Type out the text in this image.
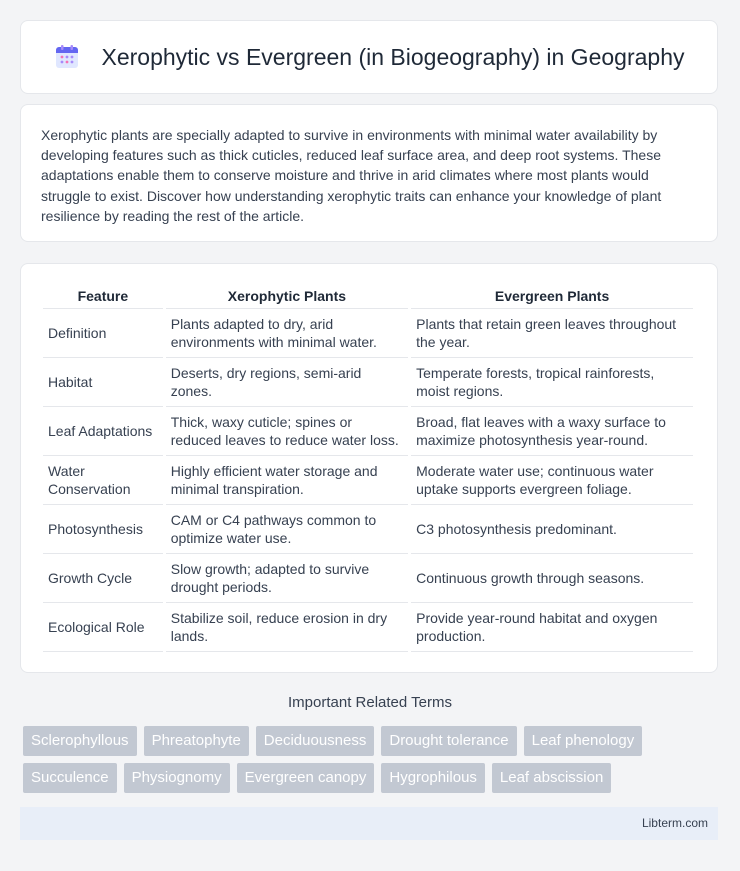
Xerophytic vs Evergreen (in Biogeography) in Geography

Xerophytic plants are specially adapted to survive in environments with minimal water availability by developing features such as thick cuticles, reduced leaf surface area, and deep root systems. These adaptations enable them to conserve moisture and thrive in arid climates where most plants would struggle to exist. Discover how understanding xerophytic traits can enhance your knowledge of plant resilience by reading the rest of the article.

Feature	Xerophytic Plants	Evergreen Plants
Definition	Plants adapted to dry, arid environments with minimal water.	Plants that retain green leaves throughout the year.
Habitat	Deserts, dry regions, semi-arid zones.	Temperate forests, tropical rainforests, moist regions.
Leaf Adaptations	Thick, waxy cuticle; spines or reduced leaves to reduce water loss.	Broad, flat leaves with a waxy surface to maximize photosynthesis year-round.
Water Conservation	Highly efficient water storage and minimal transpiration.	Moderate water use; continuous water uptake supports evergreen foliage.
Photosynthesis	CAM or C4 pathways common to optimize water use.	C3 photosynthesis predominant.
Growth Cycle	Slow growth; adapted to survive drought periods.	Continuous growth through seasons.
Ecological Role	Stabilize soil, reduce erosion in dry lands.	Provide year-round habitat and oxygen production.
Important Related Terms
Sclerophyllous	Phreatophyte	Deciduousness	Drought tolerance	Leaf phenology
Succulence	Physiognomy	Evergreen canopy	Hygrophilous	Leaf abscission
Libterm.com
